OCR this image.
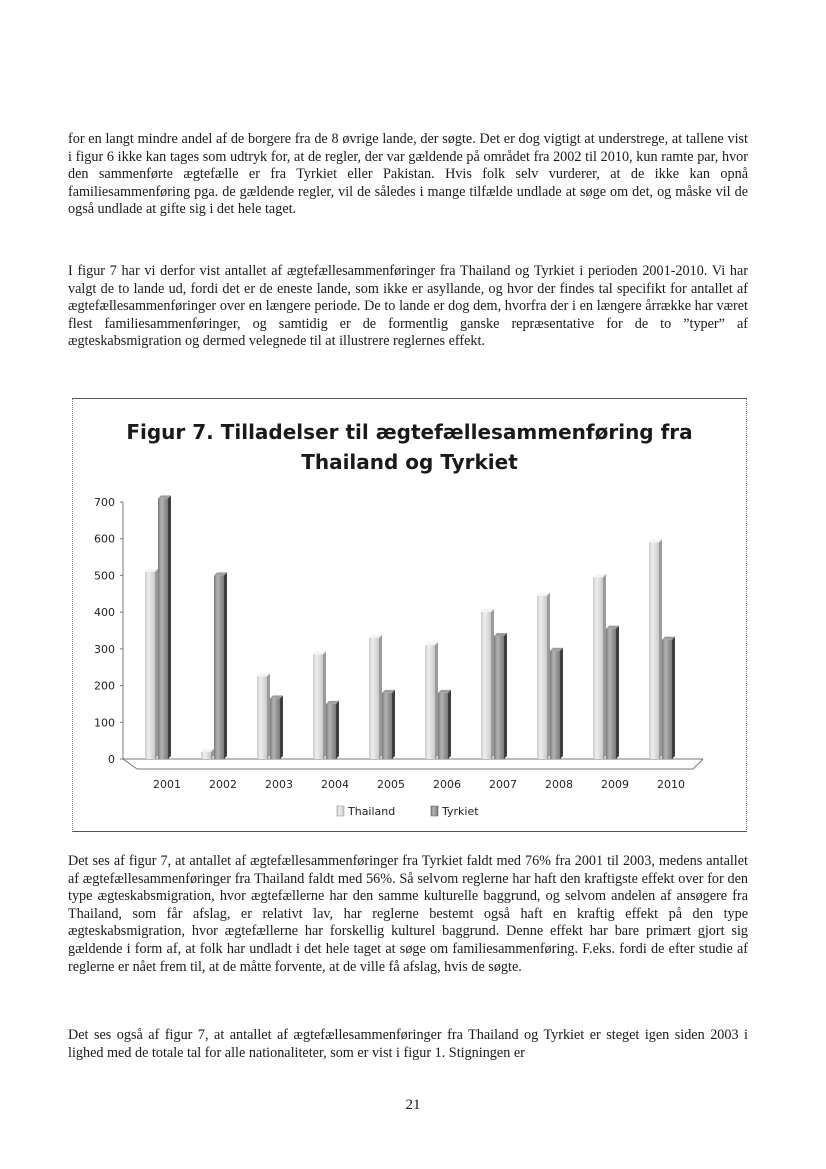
for en langt mindre andel af de borgere fra de 8 øvrige lande, der søgte. Det er dog vigtigt at understrege, at tallene vist i figur 6 ikke kan tages som udtryk for, at de regler, der var gældende på området fra 2002 til 2010, kun ramte par, hvor den sammenførte ægtefælle er fra Tyrkiet eller Pakistan. Hvis folk selv vurderer, at de ikke kan opnå familiesammenføring pga. de gældende regler, vil de således i mange tilfælde undlade at søge om det, og måske vil de også undlade at gifte sig i det hele taget.

I figur 7 har vi derfor vist antallet af ægtefællesammenføringer fra Thailand og Tyrkiet i perioden 2001-2010. Vi har valgt de to lande ud, fordi det er de eneste lande, som ikke er asyllande, og hvor der findes tal specifikt for antallet af ægtefællesammenføringer over en længere periode. De to lande er dog dem, hvorfra der i en længere årrække har været flest familiesammenføringer, og samtidig er de formentlig ganske repræsentative for de to ”typer” af ægteskabsmigration og dermed velegnede til at illustrere reglernes effekt.

Figur 7. Tilladelser til ægtefællesammenføring fra
Thailand og Tyrkiet
0
100
200
300
400
500
600
700
2001	2002	2003	2004	2005	2006	2007	2008	2009	2010
Thailand	Tyrkiet

Det ses af figur 7, at antallet af ægtefællesammenføringer fra Tyrkiet faldt med 76% fra 2001 til 2003, medens antallet af ægtefællesammenføringer fra Thailand faldt med 56%. Så selvom reglerne har haft den kraftigste effekt over for den type ægteskabsmigration, hvor ægtefællerne har den samme kulturelle baggrund, og selvom andelen af ansøgere fra Thailand, som får afslag, er relativt lav, har reglerne bestemt også haft en kraftig effekt på den type ægteskabsmigration, hvor ægtefællerne har forskellig kulturel baggrund. Denne effekt har bare primært gjort sig gældende i form af, at folk har undladt i det hele taget at søge om familiesammenføring. F.eks. fordi de efter studie af reglerne er nået frem til, at de måtte forvente, at de ville få afslag, hvis de søgte.

Det ses også af figur 7, at antallet af ægtefællesammenføringer fra Thailand og Tyrkiet er steget igen siden 2003 i lighed med de totale tal for alle nationaliteter, som er vist i figur 1. Stigningen er

21
